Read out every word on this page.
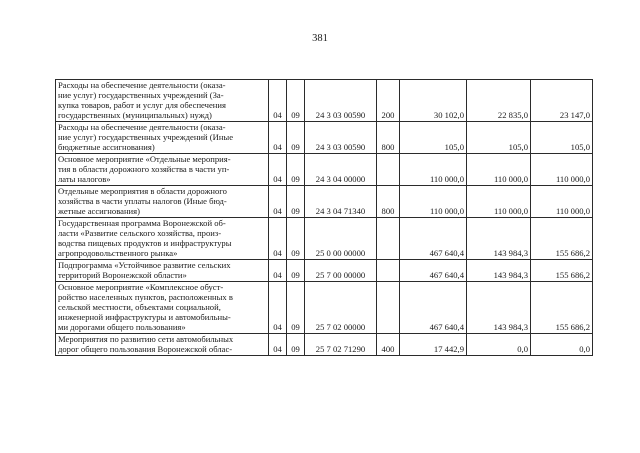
381
Расходы на обеспечение деятельности (оказа-
ние услуг) государственных учреждений (За-
купка товаров, работ и услуг для обеспечения
государственных (муниципальных) нужд)	04	09	24 3 03 00590	200	30 102,0	22 835,0	23 147,0

Расходы на обеспечение деятельности (оказа-
ние услуг) государственных учреждений (Иные
бюджетные ассигнования)	04	09	24 3 03 00590	800	105,0	105,0	105,0

Основное мероприятие «Отдельные мероприя-
тия в области дорожного хозяйства в части уп-
латы налогов»	04	09	24 3 04 00000		110 000,0	110 000,0	110 000,0

Отдельные мероприятия в области дорожного
хозяйства в части уплаты налогов (Иные бюд-
жетные ассигнования)	04	09	24 3 04 71340	800	110 000,0	110 000,0	110 000,0

Государственная программа Воронежской об-
ласти «Развитие сельского хозяйства, произ-
водства пищевых продуктов и инфраструктуры
агропродовольственного рынка»	04	09	25 0 00 00000		467 640,4	143 984,3	155 686,2

Подпрограмма «Устойчивое развитие сельских
территорий Воронежской области»	04	09	25 7 00 00000		467 640,4	143 984,3	155 686,2

Основное мероприятие «Комплексное обуст-
ройство населенных пунктов, расположенных в
сельской местности, объектами социальной,
инженерной инфраструктуры и автомобильны-
ми дорогами общего пользования»	04	09	25 7 02 00000		467 640,4	143 984,3	155 686,2

Мероприятия по развитию сети автомобильных
дорог общего пользования Воронежской облас-	04	09	25 7 02 71290	400	17 442,9	0,0	0,0
